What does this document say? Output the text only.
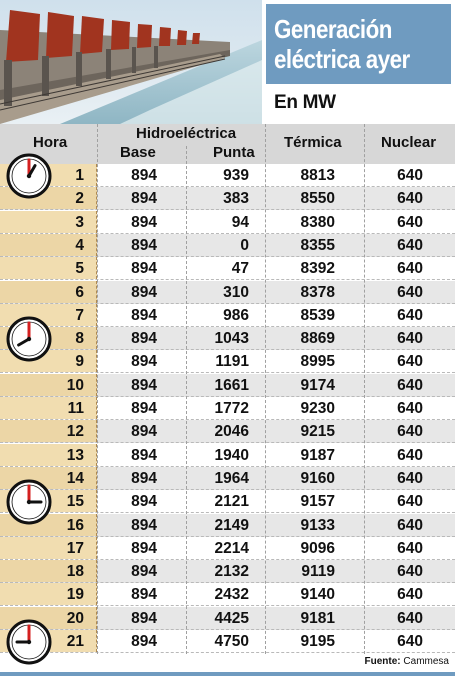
Generación
eléctrica ayer
En MW
Hora
Hidroeléctrica
Base	Punta
Térmica	Nuclear
1	894	939	8813	640
2	894	383	8550	640
3	894	94	8380	640
4	894	0	8355	640
5	894	47	8392	640
6	894	310	8378	640
7	894	986	8539	640
8	894	1043	8869	640
9	894	1191	8995	640
10	894	1661	9174	640
11	894	1772	9230	640
12	894	2046	9215	640
13	894	1940	9187	640
14	894	1964	9160	640
15	894	2121	9157	640
16	894	2149	9133	640
17	894	2214	9096	640
18	894	2132	9119	640
19	894	2432	9140	640
20	894	4425	9181	640
21	894	4750	9195	640
Fuente: Cammesa
